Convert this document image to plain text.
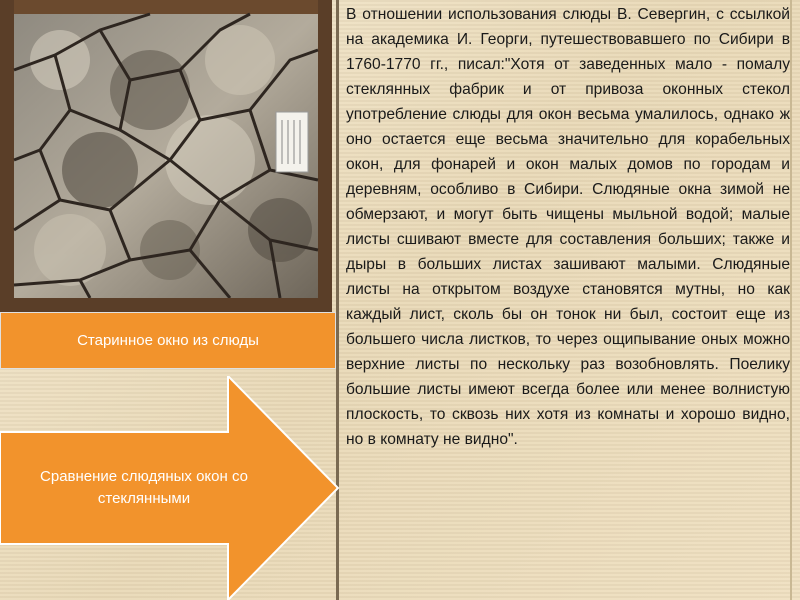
Старинное окно из слюды
Сравнение слюдяных окон со стеклянными
В отношении использования слюды В. Севергин, с ссылкой на академика И. Георги, путешествовавшего по Сибири в 1760-1770 гг., писал:"Хотя от заведенных мало - помалу стеклянных фабрик и от привоза оконных стекол употребление слюды для окон весьма умалилось, однако ж оно остается еще весьма значительно для корабельных окон, для фонарей и окон малых домов по городам и деревням, особливо в Сибири. Слюдяные окна зимой не обмерзают, и могут быть чищены мыльной водой; малые листы сшивают вместе для составления больших; также и дыры в больших листах зашивают малыми. Слюдяные листы на открытом воздухе становятся мутны, но как каждый лист, сколь бы он тонок ни был, состоит еще из большего числа листков, то через ощипывание оных можно верхние листы по нескольку раз возобновлять. Поелику большие листы имеют всегда более или менее волнистую плоскость, то сквозь них хотя из комнаты и хорошо видно, но в комнату не видно".
